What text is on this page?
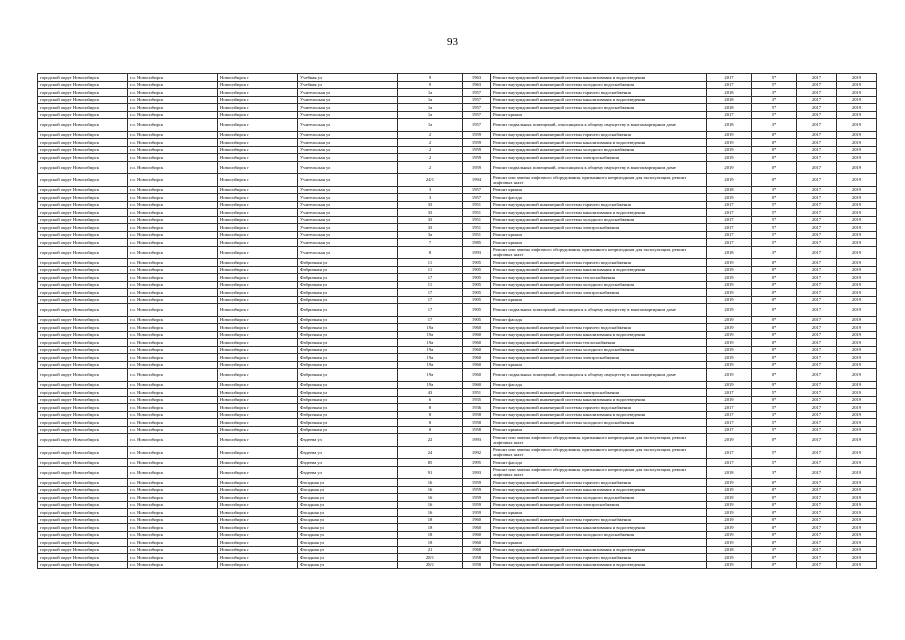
93
городской округ Новосибирск	г.о. Новосибирск	Новосибирск г	Учебная ул	9	1963	Ремонт внутридомовой инженерной системы канализования и водоотведения	2017	5*	2017	2019
городской округ Новосибирск	г.о. Новосибирск	Новосибирск г	Учебная ул	9	1963	Ремонт внутридомовой инженерной системы холодного водоснабжения	2017	5*	2017	2019
городской округ Новосибирск	г.о. Новосибирск	Новосибирск г	Учительская ул	1а	1957	Ремонт внутридомовой инженерной системы горячего водоснабжения	2018	3*	2017	2019
городской округ Новосибирск	г.о. Новосибирск	Новосибирск г	Учительская ул	1а	1957	Ремонт внутридомовой инженерной системы канализования и водоотведения	2018	3*	2017	2019
городской округ Новосибирск	г.о. Новосибирск	Новосибирск г	Учительская ул	1а	1957	Ремонт внутридомовой инженерной системы холодного водоснабжения	2018	5*	2017	2019
городской округ Новосибирск	г.о. Новосибирск	Новосибирск г	Учительская ул	1а	1957	Ремонт крыши	2017	5*	2017	2019
городской округ Новосибирск	г.о. Новосибирск	Новосибирск г	Учительская ул	1а	1957	Ремонт подвальных помещений, относящихся к общему имуществу в многоквартирном доме	2018	3*	2017	2019
городской округ Новосибирск	г.о. Новосибирск	Новосибирск г	Учительская ул	2	1959	Ремонт внутридомовой инженерной системы горячего водоснабжения	2019	0*	2017	2019
городской округ Новосибирск	г.о. Новосибирск	Новосибирск г	Учительская ул	2	1959	Ремонт внутридомовой инженерной системы канализования и водоотведения	2019	0*	2017	2019
городской округ Новосибирск	г.о. Новосибирск	Новосибирск г	Учительская ул	2	1959	Ремонт внутридомовой инженерной системы холодного водоснабжения	2019	0*	2017	2019
городской округ Новосибирск	г.о. Новосибирск	Новосибирск г	Учительская ул	2	1959	Ремонт внутридомовой инженерной системы электроснабжения	2019	0*	2017	2019
городской округ Новосибирск	г.о. Новосибирск	Новосибирск г	Учительская ул	2	1959	Ремонт подвальных помещений, относящихся к общему имуществу в многоквартирном доме	2019	0*	2017	2019
городской округ Новосибирск	г.о. Новосибирск	Новосибирск г	Учительская ул	24/1	1994	Ремонт или замена лифтового оборудования, признанного непригодным для эксплуатации, ремонт лифтовых шахт	2019	0*	2017	2019
городской округ Новосибирск	г.о. Новосибирск	Новосибирск г	Учительская ул	3	1957	Ремонт крыши	2018	3*	2017	2019
городской округ Новосибирск	г.о. Новосибирск	Новосибирск г	Учительская ул	3	1957	Ремонт фасада	2019	0*	2017	2019
городской округ Новосибирск	г.о. Новосибирск	Новосибирск г	Учительская ул	33	1951	Ремонт внутридомовой инженерной системы горячего водоснабжения	2017	5*	2017	2019
городской округ Новосибирск	г.о. Новосибирск	Новосибирск г	Учительская ул	33	1951	Ремонт внутридомовой инженерной системы канализования и водоотведения	2017	5*	2017	2019
городской округ Новосибирск	г.о. Новосибирск	Новосибирск г	Учительская ул	33	1951	Ремонт внутридомовой инженерной системы холодного водоснабжения	2017	5*	2017	2019
городской округ Новосибирск	г.о. Новосибирск	Новосибирск г	Учительская ул	33	1951	Ремонт внутридомовой инженерной системы электроснабжения	2017	5*	2017	2019
городской округ Новосибирск	г.о. Новосибирск	Новосибирск г	Учительская ул	3а	1951	Ремонт крыши	2017	5*	2017	2019
городской округ Новосибирск	г.о. Новосибирск	Новосибирск г	Учительская ул	7	1985	Ремонт крыши	2017	5*	2017	2019
городской округ Новосибирск	г.о. Новосибирск	Новосибирск г	Учительская ул	8	1993	Ремонт или замена лифтового оборудования, признанного непригодным для эксплуатации, ремонт лифтовых шахт	2018	3*	2017	2019
городской округ Новосибирск	г.о. Новосибирск	Новосибирск г	Фабричная ул	11	1905	Ремонт внутридомовой инженерной системы горячего водоснабжения	2019	0*	2017	2019
городской округ Новосибирск	г.о. Новосибирск	Новосибирск г	Фабричная ул	11	1905	Ремонт внутридомовой инженерной системы канализования и водоотведения	2019	0*	2017	2019
городской округ Новосибирск	г.о. Новосибирск	Новосибирск г	Фабричная ул	17	1905	Ремонт внутридомовой инженерной системы теплоснабжения	2019	0*	2017	2019
городской округ Новосибирск	г.о. Новосибирск	Новосибирск г	Фабричная ул	11	1905	Ремонт внутридомовой инженерной системы холодного водоснабжения	2019	0*	2017	2019
городской округ Новосибирск	г.о. Новосибирск	Новосибирск г	Фабричная ул	17	1905	Ремонт внутридомовой инженерной системы электроснабжения	2019	0*	2017	2019
городской округ Новосибирск	г.о. Новосибирск	Новосибирск г	Фабричная ул	17	1905	Ремонт крыши	2019	0*	2017	2019
городской округ Новосибирск	г.о. Новосибирск	Новосибирск г	Фабричная ул	17	1905	Ремонт подвальных помещений, относящихся к общему имуществу в многоквартирном доме	2019	0*	2017	2019
городской округ Новосибирск	г.о. Новосибирск	Новосибирск г	Фабричная ул	17	1905	Ремонт фасада	2019	0*	2017	2019
городской округ Новосибирск	г.о. Новосибирск	Новосибирск г	Фабричная ул	19а	1960	Ремонт внутридомовой инженерной системы горячего водоснабжения	2019	0*	2017	2019
городской округ Новосибирск	г.о. Новосибирск	Новосибирск г	Фабричная ул	19а	1960	Ремонт внутридомовой инженерной системы канализования и водоотведения	2019	0*	2017	2019
городской округ Новосибирск	г.о. Новосибирск	Новосибирск г	Фабричная ул	19а	1960	Ремонт внутридомовой инженерной системы теплоснабжения	2019	0*	2017	2019
городской округ Новосибирск	г.о. Новосибирск	Новосибирск г	Фабричная ул	19а	1960	Ремонт внутридомовой инженерной системы холодного водоснабжения	2019	0*	2017	2019
городской округ Новосибирск	г.о. Новосибирск	Новосибирск г	Фабричная ул	19а	1960	Ремонт внутридомовой инженерной системы электроснабжения	2019	0*	2017	2019
городской округ Новосибирск	г.о. Новосибирск	Новосибирск г	Фабричная ул	19а	1960	Ремонт крыши	2019	0*	2017	2019
городской округ Новосибирск	г.о. Новосибирск	Новосибирск г	Фабричная ул	19а	1960	Ремонт подвальных помещений, относящихся к общему имуществу в многоквартирном доме	2019	0*	2017	2019
городской округ Новосибирск	г.о. Новосибирск	Новосибирск г	Фабричная ул	19а	1960	Ремонт фасада	2019	0*	2017	2019
городской округ Новосибирск	г.о. Новосибирск	Новосибирск г	Фабричная ул	43	1951	Ремонт внутридомовой инженерной системы электроснабжения	2017	5*	2017	2019
городской округ Новосибирск	г.о. Новосибирск	Новосибирск г	Фабричная ул	6	1935	Ремонт внутридомовой инженерной системы канализования и водоотведения	2019	0*	2017	2019
городской округ Новосибирск	г.о. Новосибирск	Новосибирск г	Фабричная ул	8	1936	Ремонт внутридомовой инженерной системы горячего водоснабжения	2017	5*	2017	2019
городской округ Новосибирск	г.о. Новосибирск	Новосибирск г	Фабричная ул	8	1958	Ремонт внутридомовой инженерной системы канализования и водоотведения	2017	3*	2017	2019
городской округ Новосибирск	г.о. Новосибирск	Новосибирск г	Фабричная ул	8	1958	Ремонт внутридомовой инженерной системы холодного водоснабжения	2017	5*	2017	2019
городской округ Новосибирск	г.о. Новосибирск	Новосибирск г	Фабричная ул	8	1958	Ремонт крыши	2017	5*	2017	2019
городской округ Новосибирск	г.о. Новосибирск	Новосибирск г	Фадеева ул	22	1993	Ремонт или замена лифтового оборудования, признанного непригодным для эксплуатации, ремонт лифтовых шахт	2019	0*	2017	2019
городской округ Новосибирск	г.о. Новосибирск	Новосибирск г	Фадеева ул	24	1992	Ремонт или замена лифтового оборудования, признанного непригодным для эксплуатации, ремонт лифтовых шахт	2017	5*	2017	2019
городской округ Новосибирск	г.о. Новосибирск	Новосибирск г	Фадеева ул	85	1995	Ремонт фасада	2017	5*	2017	2019
городской округ Новосибирск	г.о. Новосибирск	Новосибирск г	Фадеева ул	91	1993	Ремонт или замена лифтового оборудования, признанного непригодным для эксплуатации, ремонт лифтовых шахт	2018	3*	2017	2019
городской округ Новосибирск	г.о. Новосибирск	Новосибирск г	Фасадная ул	16	1959	Ремонт внутридомовой инженерной системы горячего водоснабжения	2019	0*	2017	2019
городской округ Новосибирск	г.о. Новосибирск	Новосибирск г	Фасадная ул	16	1959	Ремонт внутридомовой инженерной системы канализования и водоотведения	2019	0*	2017	2019
городской округ Новосибирск	г.о. Новосибирск	Новосибирск г	Фасадная ул	16	1959	Ремонт внутридомовой инженерной системы холодного водоснабжения	2019	0*	2017	2019
городской округ Новосибирск	г.о. Новосибирск	Новосибирск г	Фасадная ул	16	1959	Ремонт внутридомовой инженерной системы электроснабжения	2019	0*	2017	2019
городской округ Новосибирск	г.о. Новосибирск	Новосибирск г	Фасадная ул	16	1959	Ремонт крыши	2019	0*	2017	2019
городской округ Новосибирск	г.о. Новосибирск	Новосибирск г	Фасадная ул	18	1960	Ремонт внутридомовой инженерной системы горячего водоснабжения	2019	0*	2017	2019
городской округ Новосибирск	г.о. Новосибирск	Новосибирск г	Фасадная ул	18	1960	Ремонт внутридомовой инженерной системы канализования и водоотведения	2019	0*	2017	2019
городской округ Новосибирск	г.о. Новосибирск	Новосибирск г	Фасадная ул	18	1960	Ремонт внутридомовой инженерной системы холодного водоснабжения	2019	0*	2017	2019
городской округ Новосибирск	г.о. Новосибирск	Новосибирск г	Фасадная ул	18	1960	Ремонт крыши	2019	0*	2017	2019
городской округ Новосибирск	г.о. Новосибирск	Новосибирск г	Фасадная ул	21	1968	Ремонт внутридомовой инженерной системы канализования и водоотведения	2018	3*	2017	2019
городской округ Новосибирск	г.о. Новосибирск	Новосибирск г	Фасадная ул	28/1	1958	Ремонт внутридомовой инженерной системы горячего водоснабжения	2019	0*	2017	2019
городской округ Новосибирск	г.о. Новосибирск	Новосибирск г	Фасадная ул	28/1	1958	Ремонт внутридомовой инженерной системы канализования и водоотведения	2019	0*	2017	2019
